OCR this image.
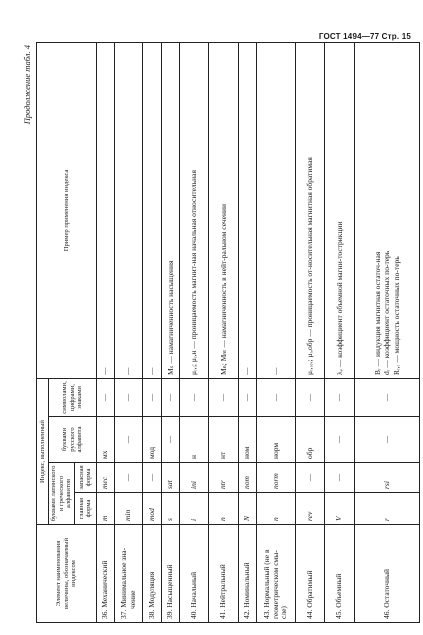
ГОСТ 1494—77 Стр. 15
Продолжение табл. 4
Элемент наименования величины, обозначаемый индексом	Индекс, выполненный				Пример применения индекса
	буквами латинского и греческого алфавитов		буквами русского алфавита	символами, цифрами, знаками	
	главная форма	запасная форма			
36. Механический	m	mec	мх	—	—

37. Минимальное зна- чение	min	—	—	—	—
38. Модуляция	mod	—	мод	—	—
39. Насыщенный	s	sat	—	—	Mₛ — намагниченность насыщения
40. Начальный	i	ini	н	—	μᵣ,ᵢ; μᵣ,н — проницаемость магнит-ная начальная относительная
41. Нейтральный	n	ntr	нт	—	Mₙ; Mₙₜ — намагниченность в нейт-ральном сечении
42. Номинальный	N	nom	ном	—	—

43. Нормальный (не в геометрическом смы- сле)	n	norm	норм	—	—
44. Обратимый	rev	—	обр	—	μᵣ,ᵣₑᵥ; μᵣ,обр — проницаемость от-носительная магнитная обратимая
45. Объемный	V	—	—	—	λᵥ — коэффициент объемной магни-тострикции
46. Остаточный	r	rsi	—	—	Bᵣ — индукция магнитная остаточ-ная dᵣ — коэффициент остаточных по-терь Rᵣ,ᵣ — мощность остаточных по-терь
